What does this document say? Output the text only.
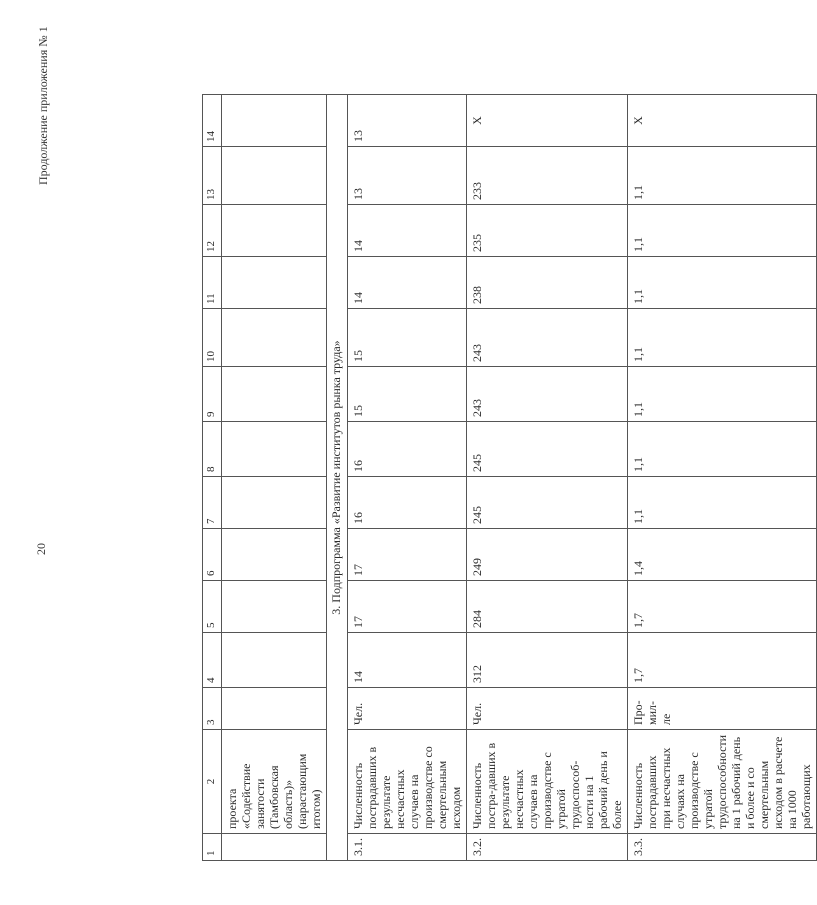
20
Продолжение приложения № 1
1	2	3	4	5	6	7	8	9	10	11	12	13	14
	проекта «Содействие занятости (Тамбовская область)» (нарастающим итогом)												
3. Подпрограмма «Развитие институтов рынка труда»													
3.1.	Численность пострадавших в результате несчастных случаев на производстве со смертельным исходом	Чел.	14	17	17	16	16	15	15	14	14	13	13
3.2.	Численность постра-давших в результате несчастных случаев на производстве с утратой трудоспособ-ности на 1 рабочий день и более	Чел.	312	284	249	245	245	243	243	238	235	233	Х
3.3.	Численность пострадавших при несчастных случаях на производстве с утратой трудоспособности на 1 рабочий день и более и со смертельным исходом в расчете на 1000 работающих	Про-мил-ле	1,7	1,7	1,4	1,1	1,1	1,1	1,1	1,1	1,1	1,1	Х
